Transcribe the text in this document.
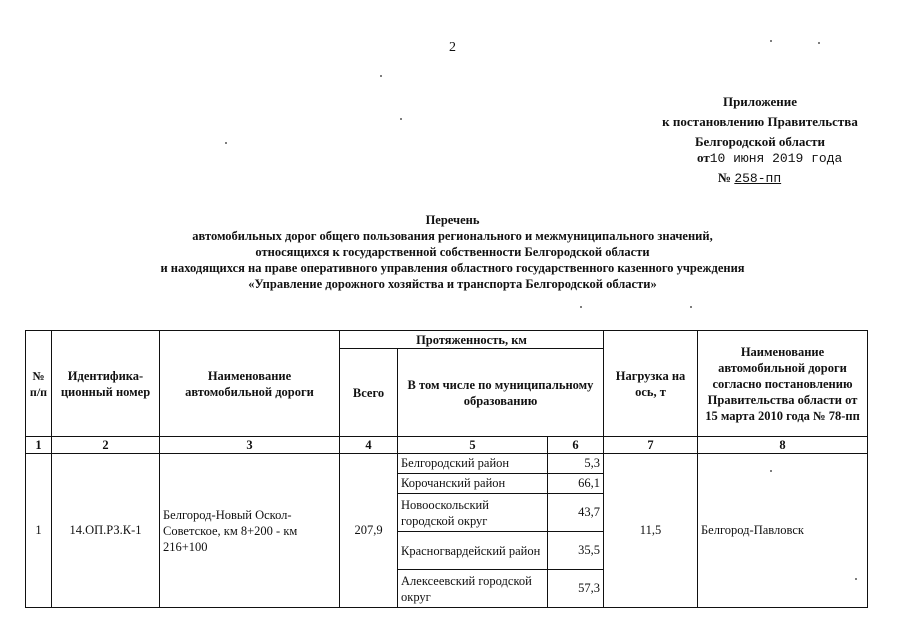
2
Приложение
к постановлению Правительства
Белгородской области
от10 июня 2019 года
№ 258-пп
Перечень
автомобильных дорог общего пользования регионального и межмуниципального значений,
относящихся к государственной собственности Белгородской области
и находящихся на праве оперативного управления областного государственного казенного учреждения
«Управление дорожного хозяйства и транспорта Белгородской области»
№ п/п	Идентифика-ционный номер	Наименование автомобильной дороги	Протяженность, км			Нагрузка на ось, т	Наименование автомобильной дороги согласно постановлению Правительства области от 15 марта 2010 года № 78-пп
			Всего	В том числе по муниципальному образованию			
1	2	3	4	5	6	7	8
1	14.ОП.РЗ.К-1	Белгород-Новый Оскол-Советское, км 8+200 - км 216+100	207,9	Белгородский район	5,3	11,5	Белгород-Павловск
				Корочанский район	66,1		
				Новооскольский городской округ	43,7		
				Красногвардейский район	35,5		
				Алексеевский городской округ	57,3		
